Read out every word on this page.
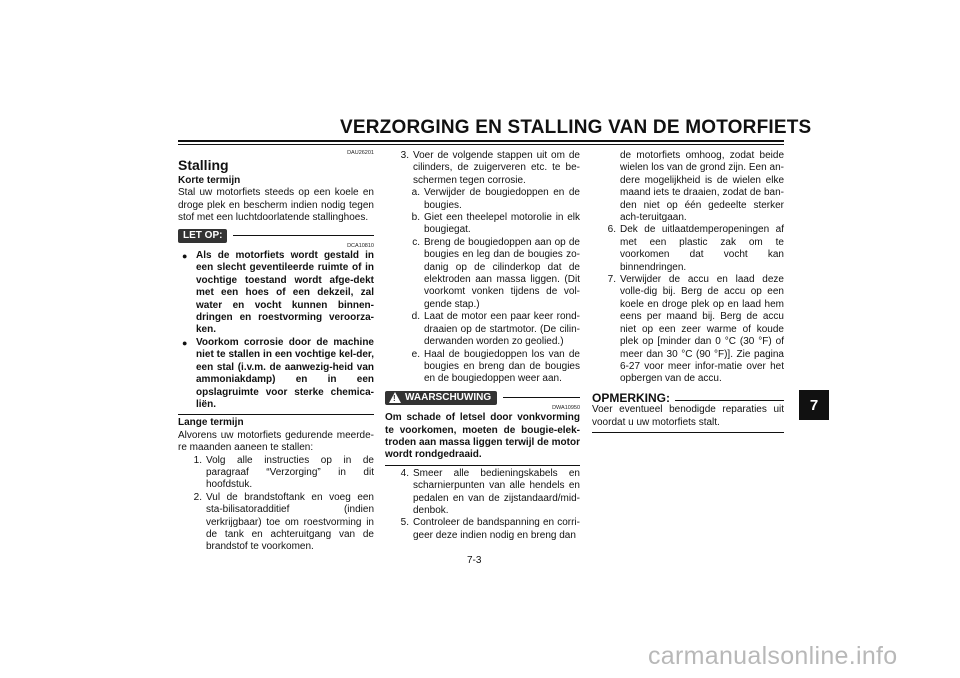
VERZORGING EN STALLING VAN DE MOTORFIETS
7
DAU26201
Stalling

Korte termijn

Stal uw motorfiets steeds op een koele en droge plek en bescherm indien nodig tegen stof met een luchtdoorlatende stallinghoes.

LET OP:
DCA10810
● Als de motorfiets wordt gestald in een slecht geventileerde ruimte of in vochtige toestand wordt afge-dekt met een hoes of een dekzeil, zal water en vocht kunnen binnen-dringen en roestvorming veroorza-ken.
● Voorkom corrosie door de machine niet te stallen in een vochtige kel-der, een stal (i.v.m. de aanwezig-heid van ammoniakdamp) en in een opslagruimte voor sterke chemica-liën.

Lange termijn

Alvorens uw motorfiets gedurende meerde-re maanden aaneen te stallen:

1. Volg alle instructies op in de paragraaf “Verzorging” in dit hoofdstuk.
2. Vul de brandstoftank en voeg een sta-bilisatoradditief (indien verkrijgbaar) toe om roestvorming in de tank en achteruitgang van de brandstof te voorkomen.
3. Voer de volgende stappen uit om de cilinders, de zuigerveren etc. te be-schermen tegen corrosie.
a. Verwijder de bougiedoppen en de bougies.
b. Giet een theelepel motorolie in elk bougiegat.
c. Breng de bougiedoppen aan op de bougies en leg dan de bougies zo-danig op de cilinderkop dat de elektroden aan massa liggen. (Dit voorkomt vonken tijdens de vol-gende stap.)
d. Laat de motor een paar keer rond-draaien op de startmotor. (De cilin-derwanden worden zo geolied.)
e. Haal de bougiedoppen los van de bougies en breng dan de bougies en de bougiedoppen weer aan.
!
WAARSCHUWING
DWA10950

Om schade of letsel door vonkvorming te voorkomen, moeten de bougie-elek-troden aan massa liggen terwijl de motor wordt rondgedraaid.

4. Smeer alle bedieningskabels en scharnierpunten van alle hendels en pedalen en van de zijstandaard/mid-denbok.
5. Controleer de bandspanning en corri-geer deze indien nodig en breng dan
de motorfiets omhoog, zodat beide wielen los van de grond zijn. Een an-dere mogelijkheid is de wielen elke maand iets te draaien, zodat de ban-den niet op één gedeelte sterker ach-teruitgaan.
6. Dek de uitlaatdemperopeningen af met een plastic zak om te voorkomen dat vocht kan binnendringen.
7. Verwijder de accu en laad deze volle-dig bij. Berg de accu op een koele en droge plek op en laad hem eens per maand bij. Berg de accu niet op een zeer warme of koude plek op [minder dan 0 °C (30 °F) of meer dan 30 °C (90 °F)]. Zie pagina 6-27 voor meer infor-matie over het opbergen van de accu.
OPMERKING:

Voer eventueel benodigde reparaties uit voordat u uw motorfiets stalt.

7-3
carmanualsonline.info
